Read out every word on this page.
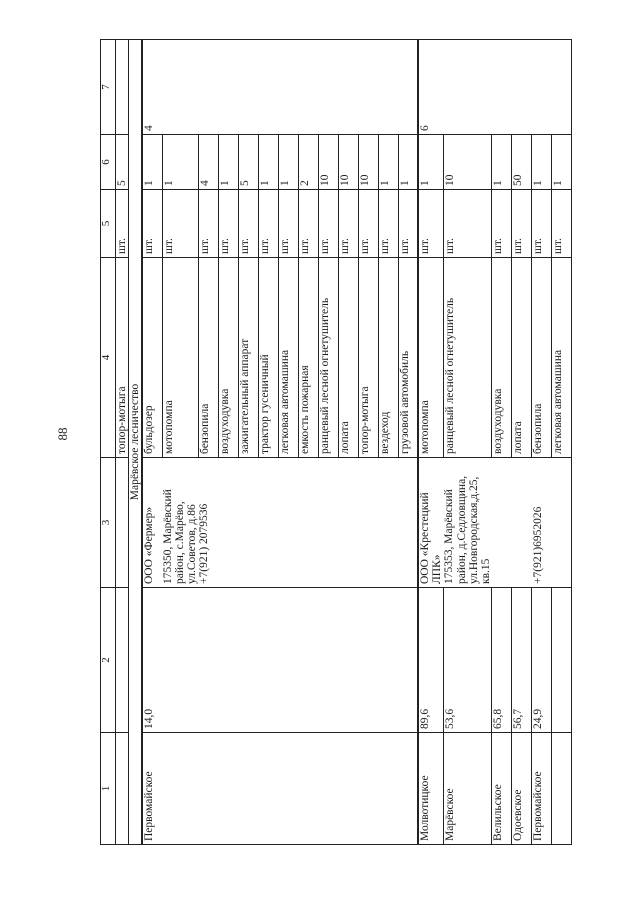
88
1	2	3	4	5	6	7
			топор-мотыга	шт.	5	
Марёвское лесничество						
Первомайское	14,0	ООО «Фермер»	бульдозер	шт.	1	4
		175350, Марёвский район, с.Марёво, ул.Советов, д.86	мотопомпа	шт.	1	
		+7(921) 2079536	бензопила	шт.	4	
			воздуходувка	шт.	1	
			зажигательный аппарат	шт.	5	
			трактор гусеничный	шт.	1	
			легковая автомашина	шт.	1	
			емкость пожарная	шт.	2	
			ранцевый лесной огнетушитель	шт.	10	
			лопата	шт.	10	
			топор-мотыга	шт.	10	
			вездеход	шт.	1	
			грузовой автомобиль	шт.	1	
Молвотицкое	89,6	ООО «Крестецкий ЛПК»	мотопомпа	шт.	1	6
Марёвское	53,6	175353, Марёвский район, д.Седловщина, ул.Новгородская,д.25, кв.15	ранцевый лесной огнетушитель	шт.	10	
Велильское	65,8		воздуходувка	шт.	1	
Одоевское	56,7		лопата	шт.	50	
Первомайское	24,9	+7(921)6952026	бензопила	шт.	1	
			легковая автомашина	шт.	1	
